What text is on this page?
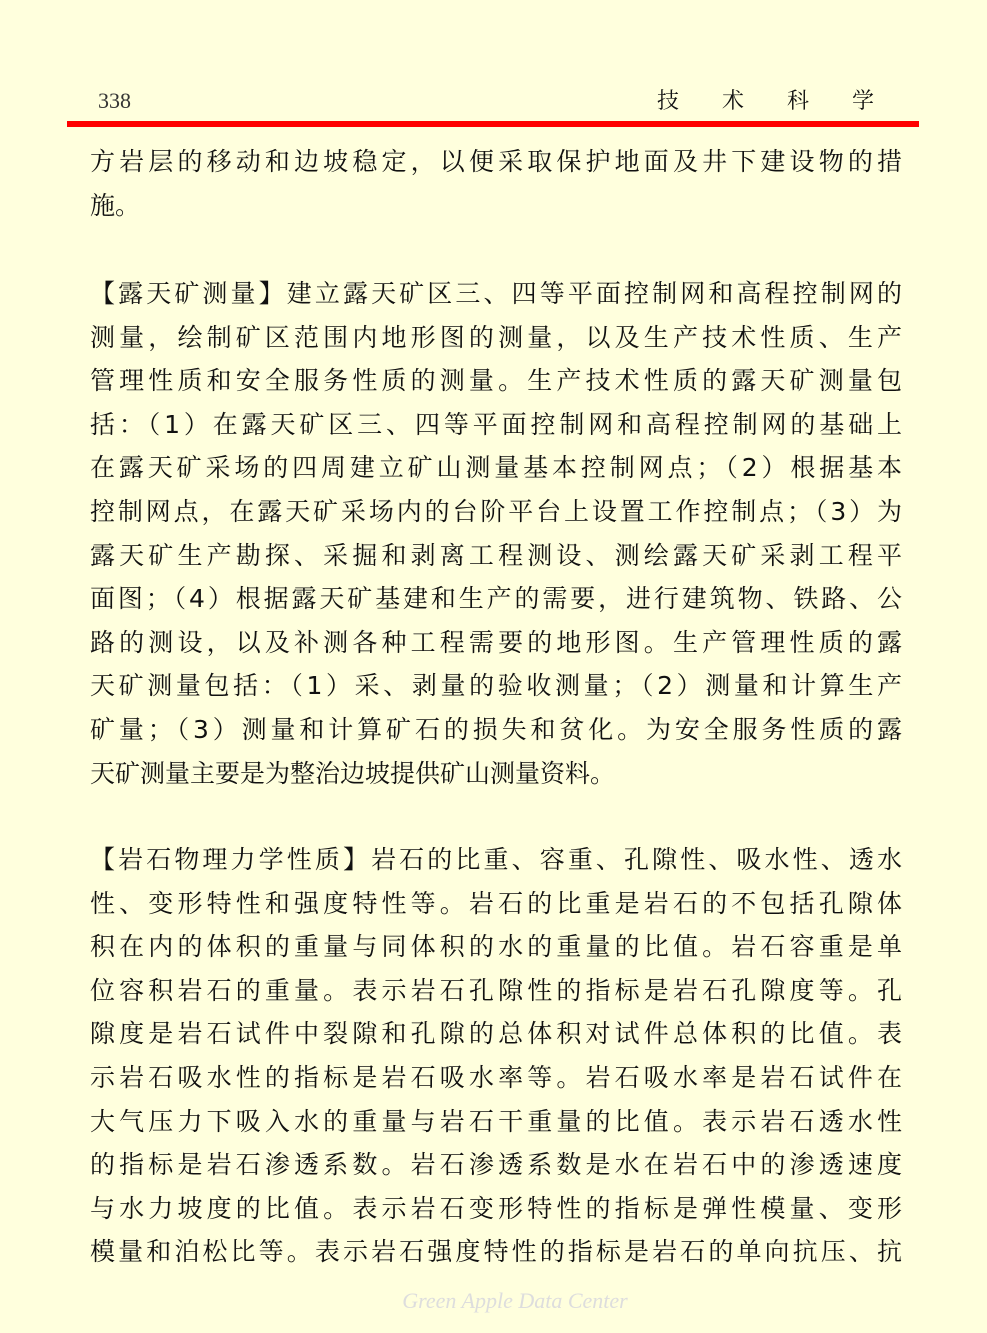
338	技 术 科 学
方岩层的移动和边坡稳定，以便采取保护地面及井下建设物的措
施。
【露天矿测量】建立露天矿区三、四等平面控制网和高程控制网的
测量，绘制矿区范围内地形图的测量，以及生产技术性质、生产
管理性质和安全服务性质的测量。生产技术性质的露天矿测量包
括：（1）在露天矿区三、四等平面控制网和高程控制网的基础上
在露天矿采场的四周建立矿山测量基本控制网点；（2）根据基本
控制网点，在露天矿采场内的台阶平台上设置工作控制点；（3）为
露天矿生产勘探、采掘和剥离工程测设、测绘露天矿采剥工程平
面图；（4）根据露天矿基建和生产的需要，进行建筑物、铁路、公
路的测设，以及补测各种工程需要的地形图。生产管理性质的露
天矿测量包括：（1）采、剥量的验收测量；（2）测量和计算生产
矿量；（3）测量和计算矿石的损失和贫化。为安全服务性质的露
天矿测量主要是为整治边坡提供矿山测量资料。
【岩石物理力学性质】岩石的比重、容重、孔隙性、吸水性、透水
性、变形特性和强度特性等。岩石的比重是岩石的不包括孔隙体
积在内的体积的重量与同体积的水的重量的比值。岩石容重是单
位容积岩石的重量。表示岩石孔隙性的指标是岩石孔隙度等。孔
隙度是岩石试件中裂隙和孔隙的总体积对试件总体积的比值。表
示岩石吸水性的指标是岩石吸水率等。岩石吸水率是岩石试件在
大气压力下吸入水的重量与岩石干重量的比值。表示岩石透水性
的指标是岩石渗透系数。岩石渗透系数是水在岩石中的渗透速度
与水力坡度的比值。表示岩石变形特性的指标是弹性模量、变形
模量和泊松比等。表示岩石强度特性的指标是岩石的单向抗压、抗
Green Apple Data Center
